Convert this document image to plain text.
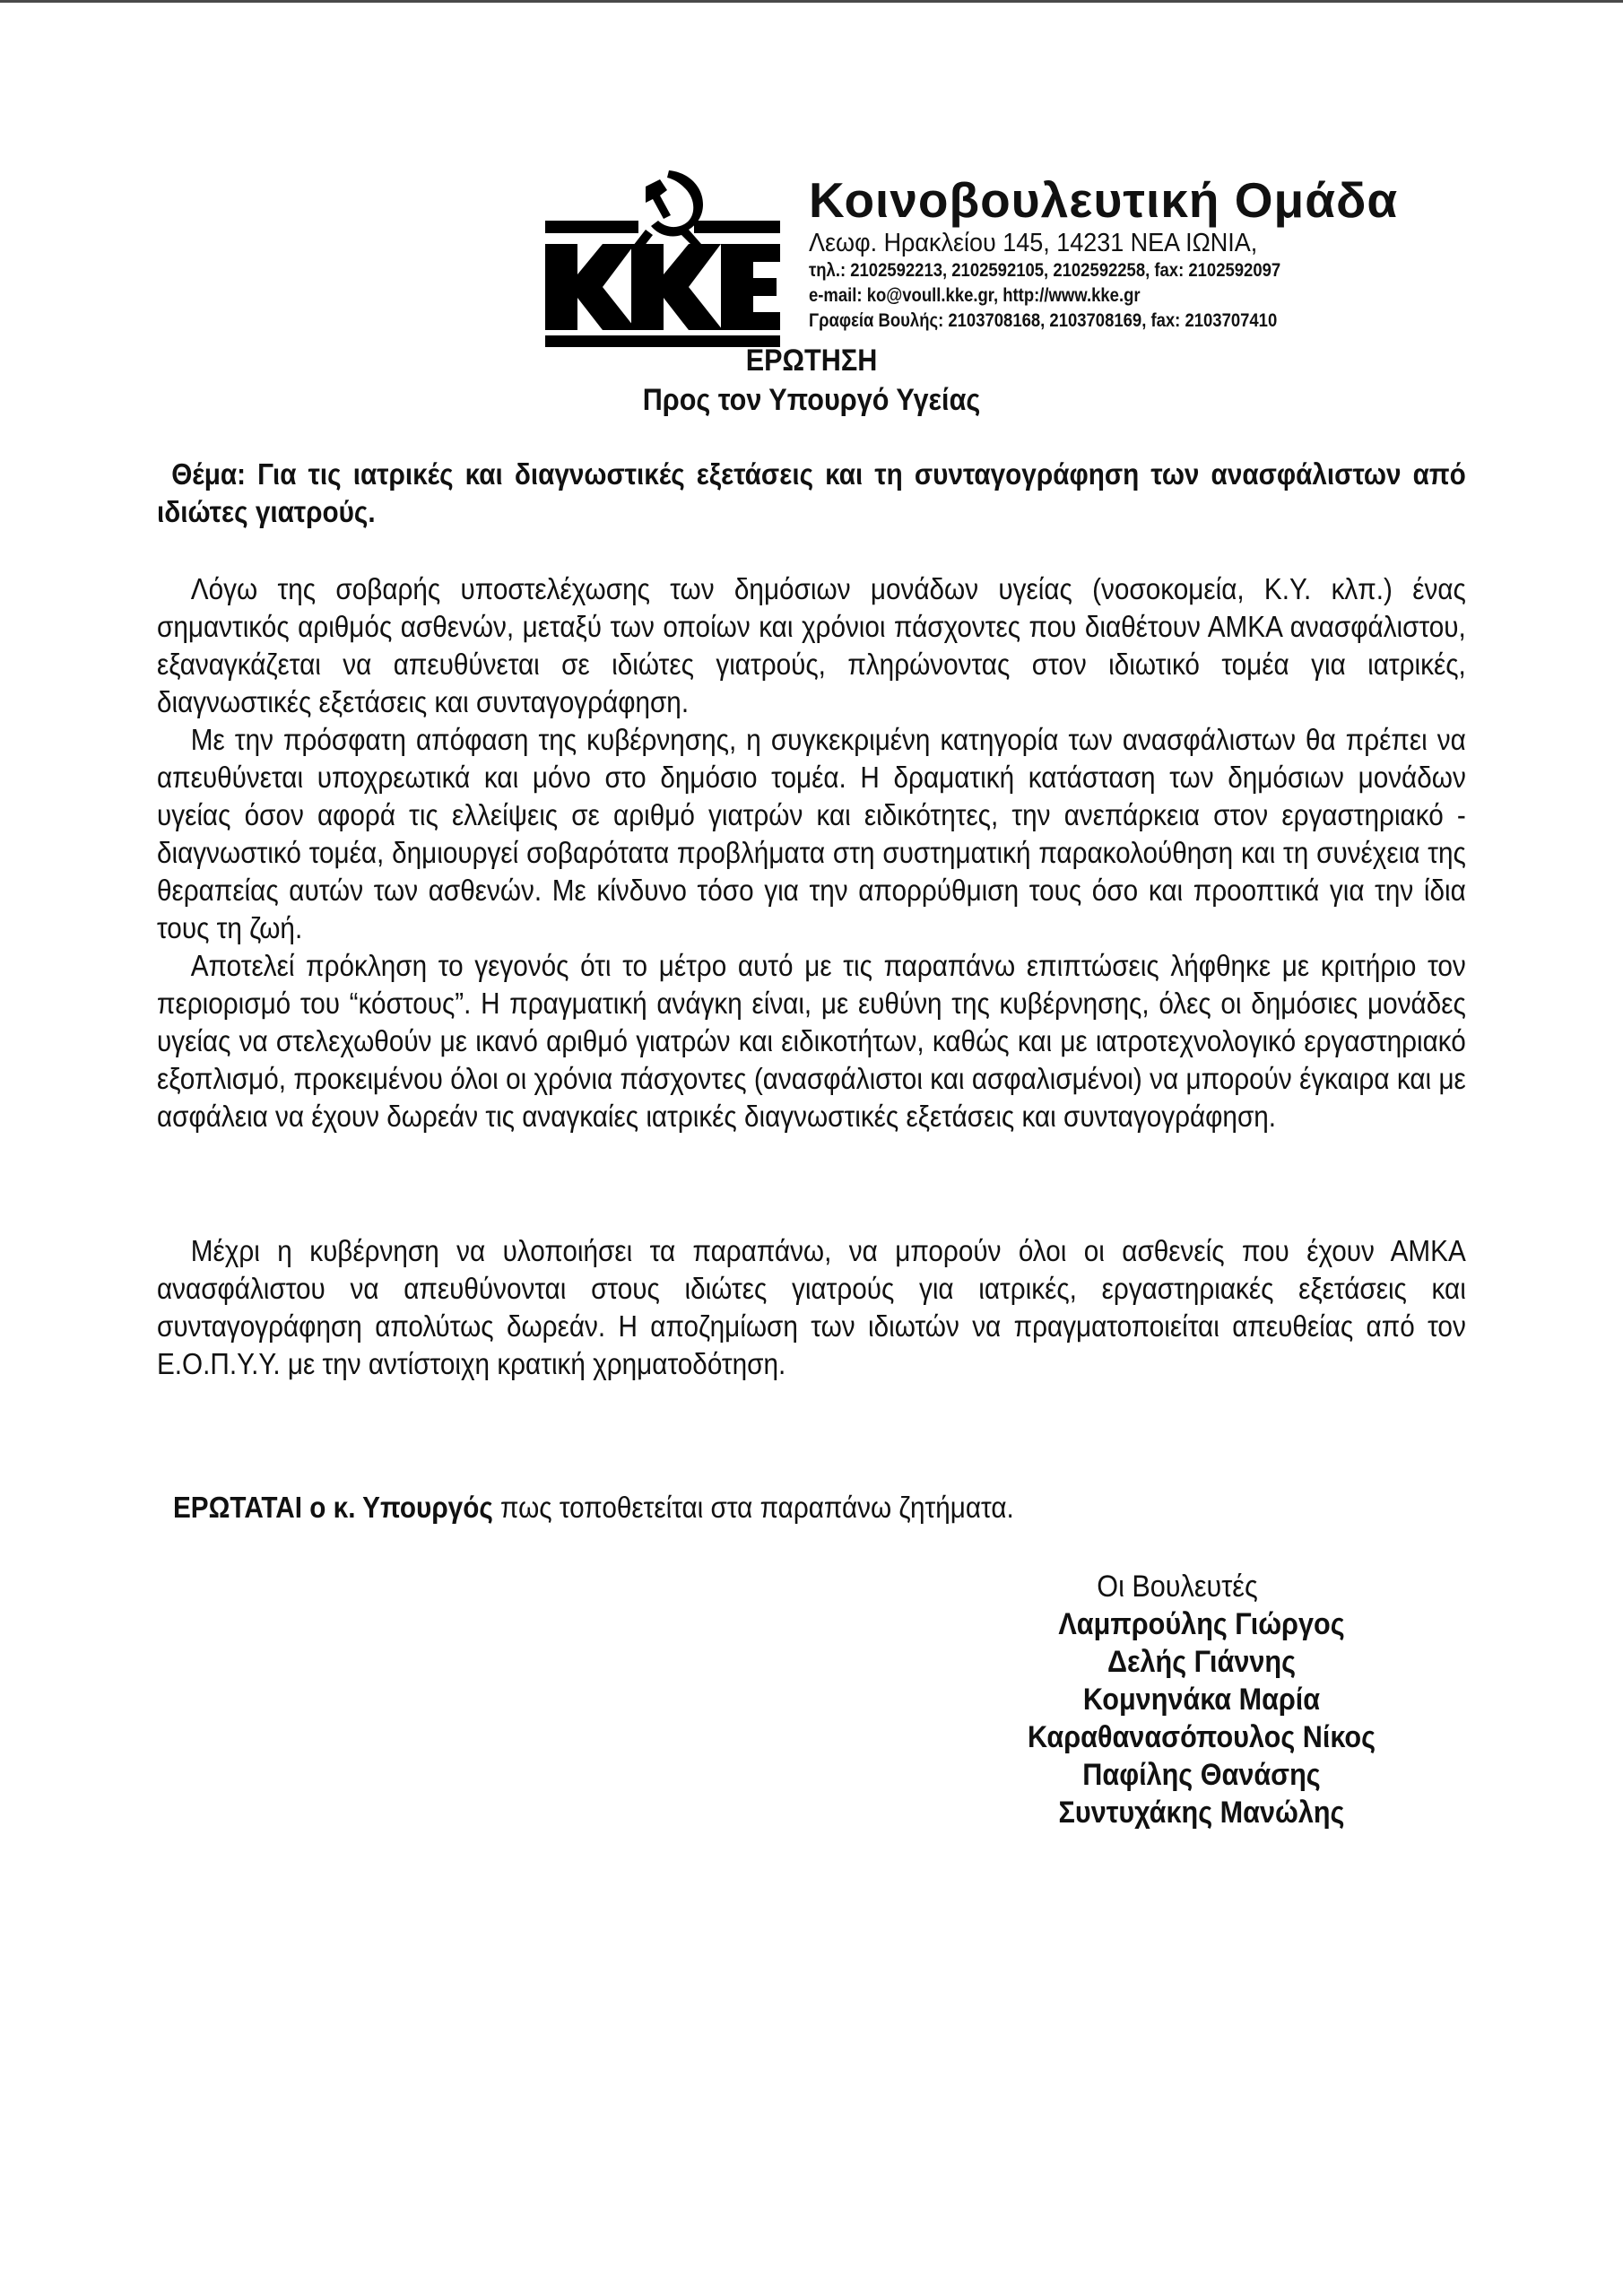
Κοινοβουλευτική Ομάδα
Λεωφ. Ηρακλείου 145, 14231 ΝΕΑ ΙΩΝΙΑ,
τηλ.: 2102592213, 2102592105, 2102592258, fax: 2102592097
e-mail: ko@voull.kke.gr, http://www.kke.gr
Γραφεία Βουλής: 2103708168, 2103708169, fax: 2103707410
ΕΡΩΤΗΣΗ
Προς τον Υπουργό Υγείας
Θέμα: Για τις ιατρικές και διαγνωστικές εξετάσεις και τη συνταγογράφηση των ανασφάλιστων από ιδιώτες γιατρούς.

Λόγω της σοβαρής υποστελέχωσης των δημόσιων μονάδων υγείας (νοσοκομεία, Κ.Υ. κλπ.) ένας σημαντικός αριθμός ασθενών, μεταξύ των οποίων και χρόνιοι πάσχοντες που διαθέτουν ΑΜΚΑ ανασφάλιστου, εξαναγκάζεται να απευθύνεται σε ιδιώτες γιατρούς, πληρώνοντας στον ιδιωτικό τομέα για ιατρικές, διαγνωστικές εξετάσεις και συνταγογράφηση.

Με την πρόσφατη απόφαση της κυβέρνησης, η συγκεκριμένη κατηγορία των ανασφάλιστων θα πρέπει να απευθύνεται υποχρεωτικά και μόνο στο δημόσιο τομέα. Η δραματική κατάσταση των δημόσιων μονάδων υγείας όσον αφορά τις ελλείψεις σε αριθμό γιατρών και ειδικότητες, την ανεπάρκεια στον εργαστηριακό - διαγνωστικό τομέα, δημιουργεί σοβαρότατα προβλήματα στη συστηματική παρακολούθηση και τη συνέχεια της θεραπείας αυτών των ασθενών. Με κίνδυνο τόσο για την απορρύθμιση τους όσο και προοπτικά για την ίδια τους τη ζωή.

Αποτελεί πρόκληση το γεγονός ότι το μέτρο αυτό με τις παραπάνω επιπτώσεις λήφθηκε με κριτήριο τον περιορισμό του “κόστους”. Η πραγματική ανάγκη είναι, με ευθύνη της κυβέρνησης, όλες οι δημόσιες μονάδες υγείας να στελεχωθούν με ικανό αριθμό γιατρών και ειδικοτήτων, καθώς και με ιατροτεχνολογικό εργαστηριακό εξοπλισμό, προκειμένου όλοι οι χρόνια πάσχοντες (ανασφάλιστοι και ασφαλισμένοι) να μπορούν έγκαιρα και με ασφάλεια να έχουν δωρεάν τις αναγκαίες ιατρικές διαγνωστικές εξετάσεις και συνταγογράφηση.

Μέχρι η κυβέρνηση να υλοποιήσει τα παραπάνω, να μπορούν όλοι οι ασθενείς που έχουν ΑΜΚΑ ανασφάλιστου να απευθύνονται στους ιδιώτες γιατρούς για ιατρικές, εργαστηριακές εξετάσεις και συνταγογράφηση απολύτως δωρεάν. Η αποζημίωση των ιδιωτών να πραγματοποιείται απευθείας από τον Ε.Ο.Π.Υ.Υ. με την αντίστοιχη κρατική χρηματοδότηση.

ΕΡΩΤΑΤΑΙ ο κ. Υπουργός πως τοποθετείται στα παραπάνω ζητήματα.
Οι Βουλευτές
Λαμπρούλης Γιώργος
Δελής Γιάννης
Κομνηνάκα Μαρία
Καραθανασόπουλος Νίκος
Παφίλης Θανάσης
Συντυχάκης Μανώλης
